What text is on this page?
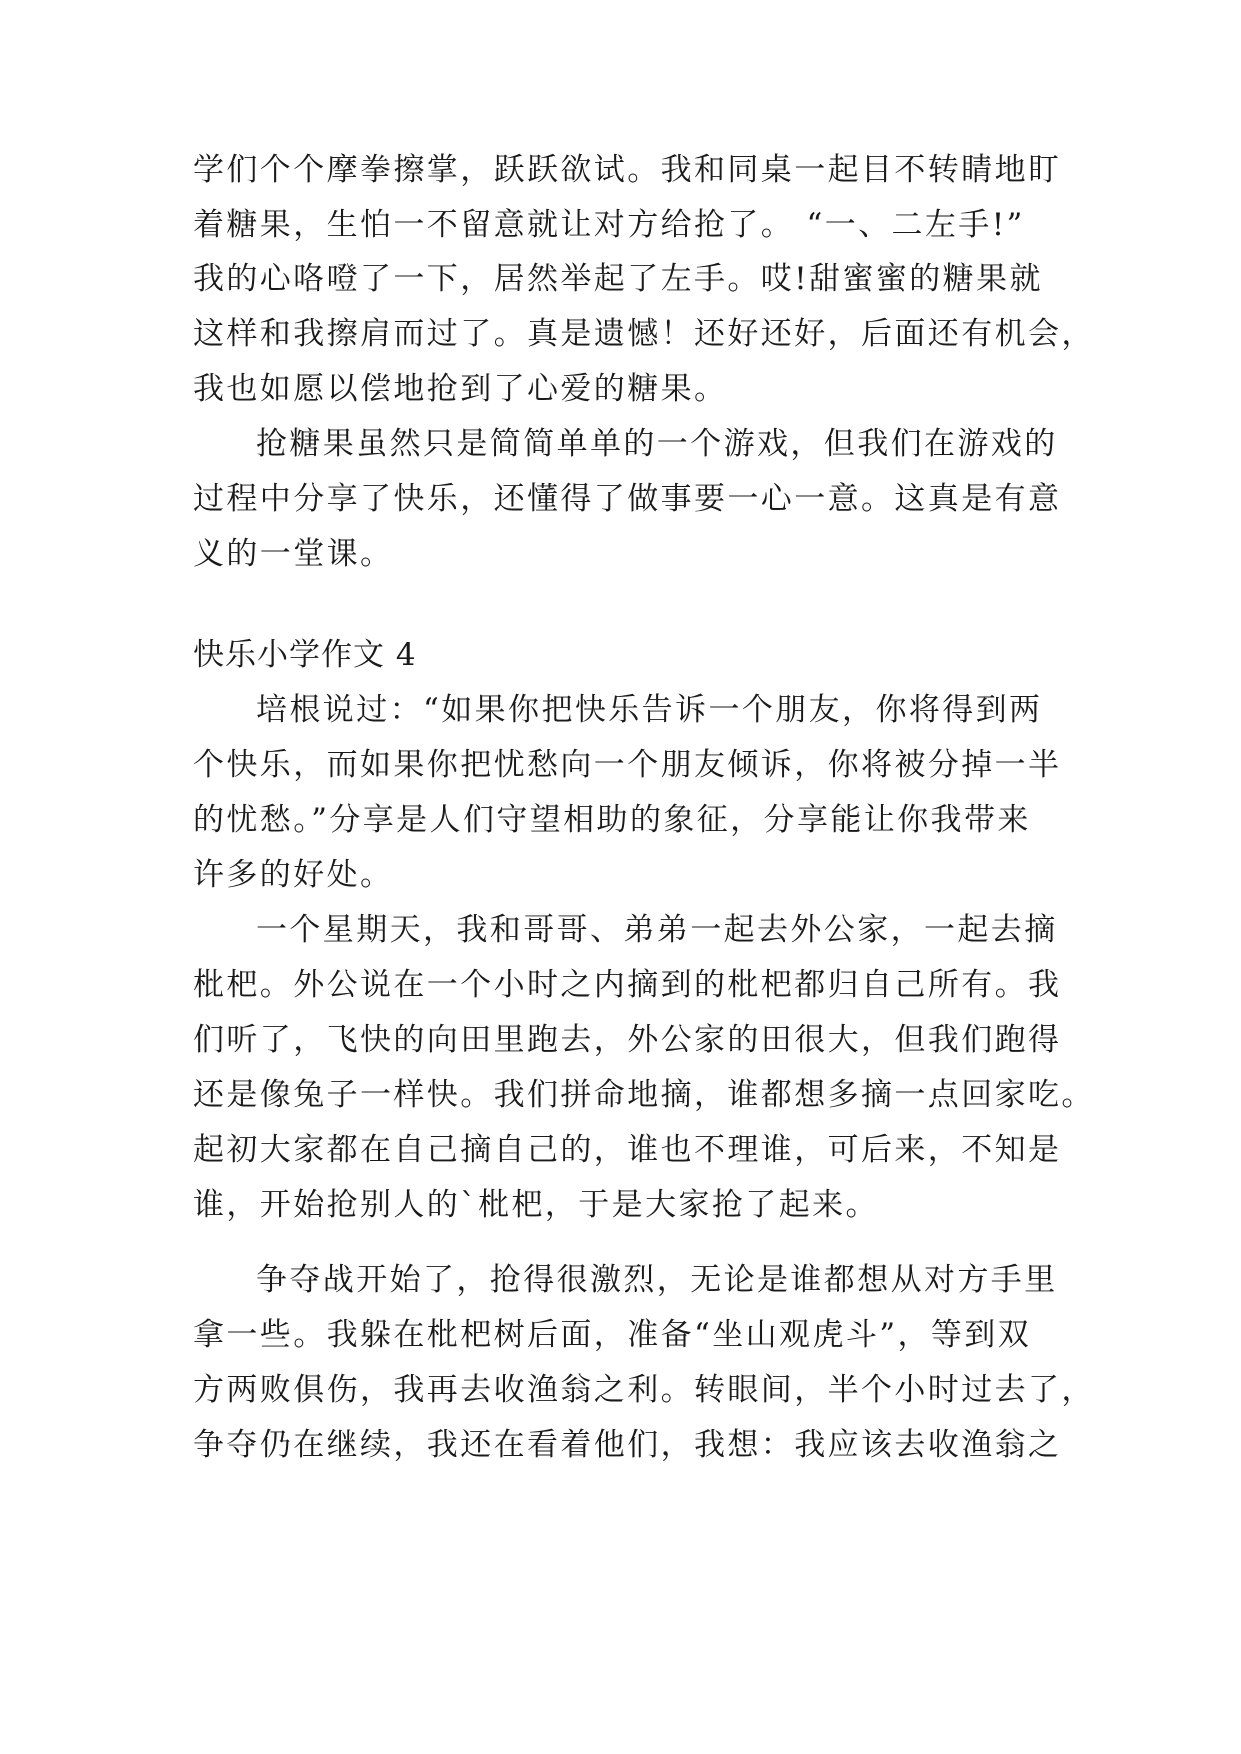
学们个个摩拳擦掌，跃跃欲试。我和同桌一起目不转睛地盯
着糖果，生怕一不留意就让对方给抢了。 “一、二左手!”
我的心咯噔了一下，居然举起了左手。哎!甜蜜蜜的糖果就
这样和我擦肩而过了。真是遗憾！还好还好，后面还有机会，
我也如愿以偿地抢到了心爱的糖果。
抢糖果虽然只是简简单单的一个游戏，但我们在游戏的
过程中分享了快乐，还懂得了做事要一心一意。这真是有意
义的一堂课。
快乐小学作文 4
培根说过：“如果你把快乐告诉一个朋友，你将得到两
个快乐，而如果你把忧愁向一个朋友倾诉，你将被分掉一半
的忧愁。”分享是人们守望相助的象征，分享能让你我带来
许多的好处。
一个星期天，我和哥哥、弟弟一起去外公家，一起去摘
枇杷。外公说在一个小时之内摘到的枇杷都归自己所有。我
们听了，飞快的向田里跑去，外公家的田很大，但我们跑得
还是像兔子一样快。我们拼命地摘，谁都想多摘一点回家吃。
起初大家都在自己摘自己的，谁也不理谁，可后来，不知是
谁，开始抢别人的`枇杷，于是大家抢了起来。
争夺战开始了，抢得很激烈，无论是谁都想从对方手里
拿一些。我躲在枇杷树后面，准备“坐山观虎斗”，等到双
方两败俱伤，我再去收渔翁之利。转眼间，半个小时过去了，
争夺仍在继续，我还在看着他们，我想：我应该去收渔翁之
